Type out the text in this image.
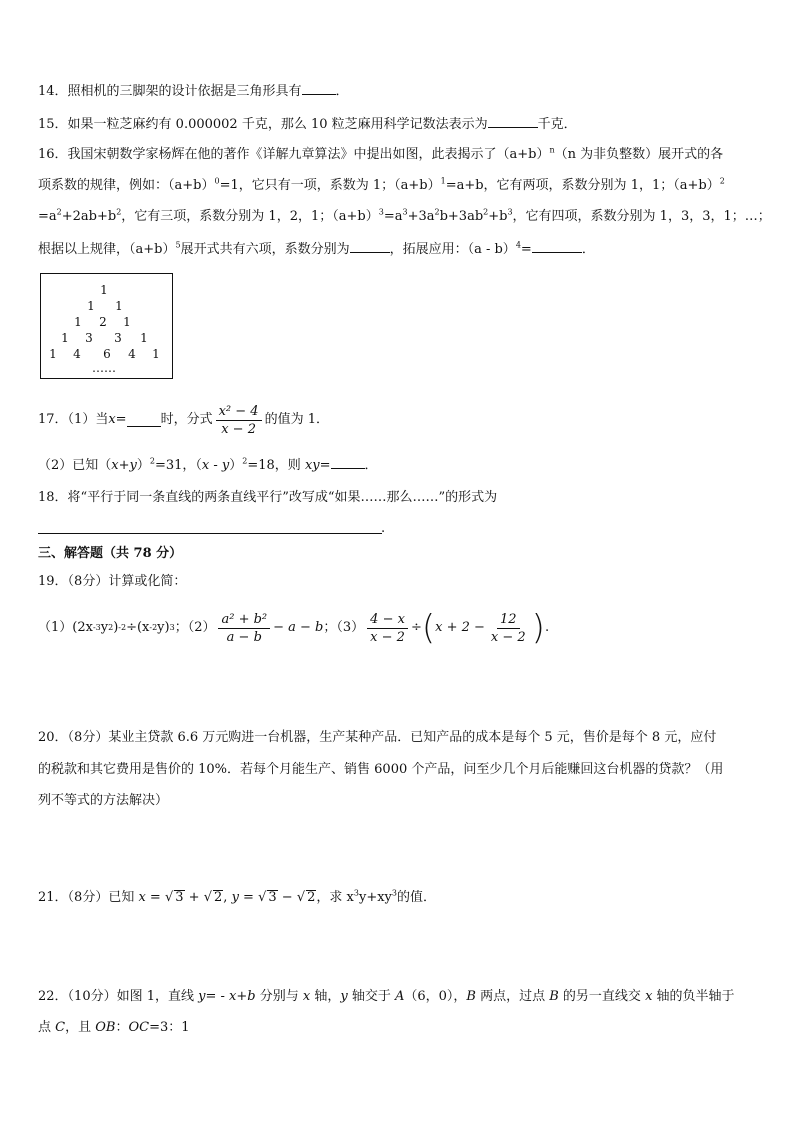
14．照相机的三脚架的设计依据是三角形具有	．
15．如果一粒芝麻约有 0.000002 千克，那么 10 粒芝麻用科学记数法表示为	千克．
16．我国宋朝数学家杨辉在他的著作《详解九章算法》中提出如图，此表揭示了$(a+b)^n(n$ 为非负整数）展开式的各
项系数的规律，例如：$(a+b)^0=1$，它只有一项，系数为 1；$(a+b)^1=a+b$，它有两项，系数分别为 1，1；$(a+b)^2$
$=a^2+2ab+b^2$，它有三项，系数分别为 1，2，1；$(a+b)^3=a^3+3a^2b+3ab^2+b^3$，它有四项，系数分别为 1，3，3，1；…；
根据以上规律，$(a+b)^5$展开式共有六项，系数分别为	，拓展应用：（a - b）$^4$=	．
1
1 1
1 2 1
1 3 3 1
1 4 6 4 1
……
17．（1）当 x =	时，分式 $\frac{\text{x² − 4}}{x - 2}$ 的值为 1．
（2）已知$(x+y)^2=31$，（x - y）$^2$=18，则 xy=	．
18．将“平行于同一条直线的两条直线平行”改写成“如果……那么……”的形式为
.
三、解答题（共 78 分）
19．（8分）计算或化简：
（1）(2x -3 y 2 ) -2 ÷(x -2 y) 3 ；$(2) \frac{\text{a² + b²}}{a - b} - a - b$ ；$(3) \frac{4 - x}{x - 2}$ ÷ ( $x + 2 - \frac{12}{x - 2}$ ) .
20．（8分）某业主贷款 6.6 万元购进一台机器，生产某种产品．已知产品的成本是每个 5 元，售价是每个 8 元，应付
的税款和其它费用是售价的 10%．若每个月能生产、销售 6000 个产品，问至少几个月后能赚回这台机器的贷款？（用
列不等式的方法解决）
21．（8分）已知 x = √ 3 + √ 2, y = √ 3 − √ 2，求 $x^3y+xy^3$的值．
22．（10分）如图 1，直线 y= - x+b 分别与 x 轴，y 轴交于 A（6，0），B 两点，过点 B 的另一直线交 x 轴的负半轴于
点 C，且 OB：OC=3：1
